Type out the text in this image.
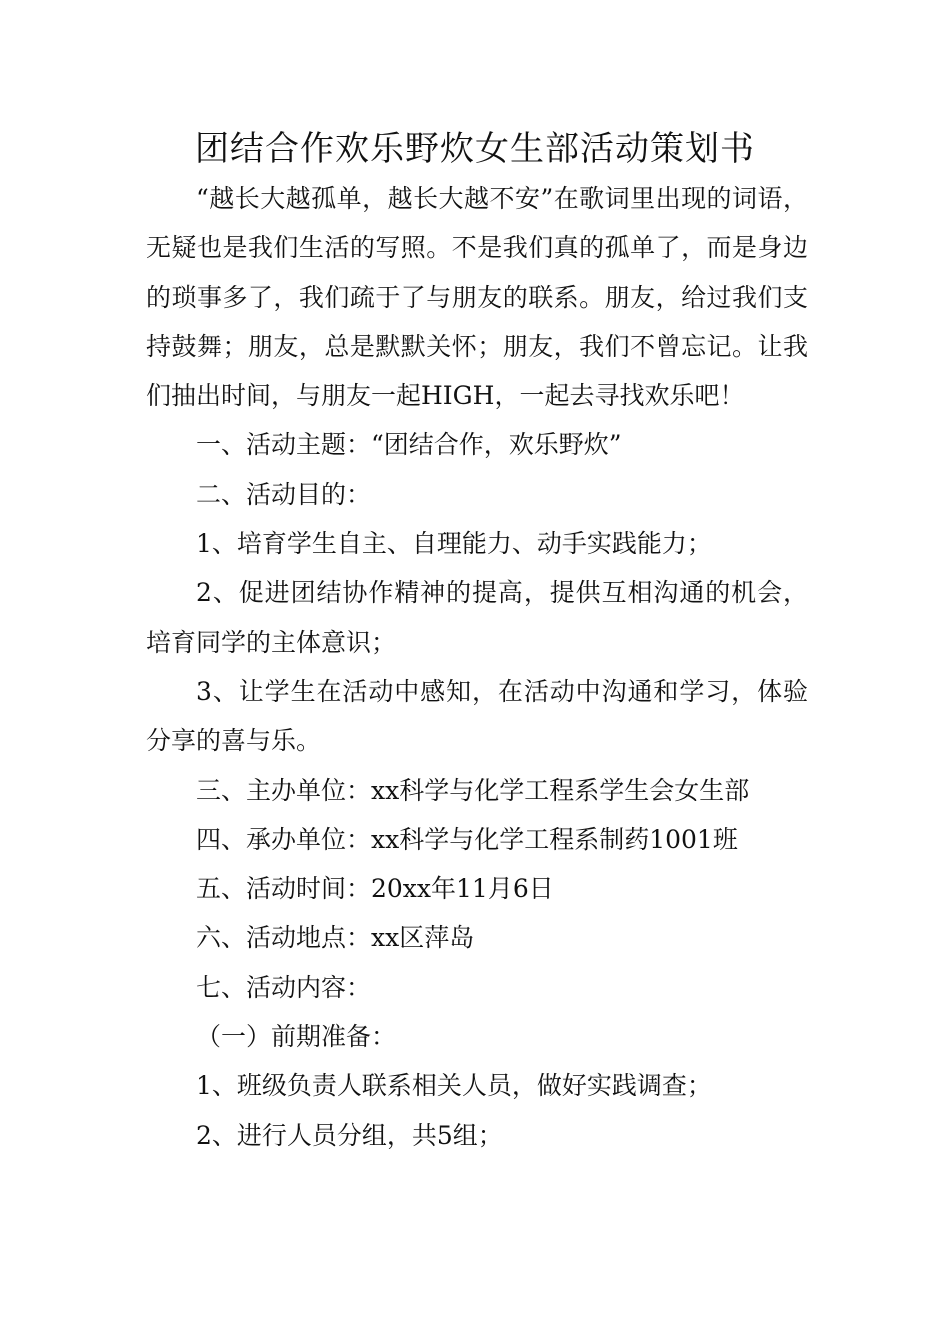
团结合作欢乐野炊女生部活动策划书

“越长大越孤单，越长大越不安”在歌词里出现的词语，无疑也是我们生活的写照。不是我们真的孤单了，而是身边的琐事多了，我们疏于了与朋友的联系。朋友，给过我们支持鼓舞；朋友，总是默默关怀；朋友，我们不曾忘记。让我们抽出时间，与朋友一起HIGH，一起去寻找欢乐吧！

一、活动主题：“团结合作，欢乐野炊”

二、活动目的：

1、培育学生自主、自理能力、动手实践能力；

2、促进团结协作精神的提高，提供互相沟通的机会，培育同学的主体意识；

3、让学生在活动中感知，在活动中沟通和学习，体验分享的喜与乐。

三、主办单位：xx科学与化学工程系学生会女生部

四、承办单位：xx科学与化学工程系制药1001班

五、活动时间：20xx年11月6日

六、活动地点：xx区萍岛

七、活动内容：

（一）前期准备：

1、班级负责人联系相关人员，做好实践调查；

2、进行人员分组，共5组；
